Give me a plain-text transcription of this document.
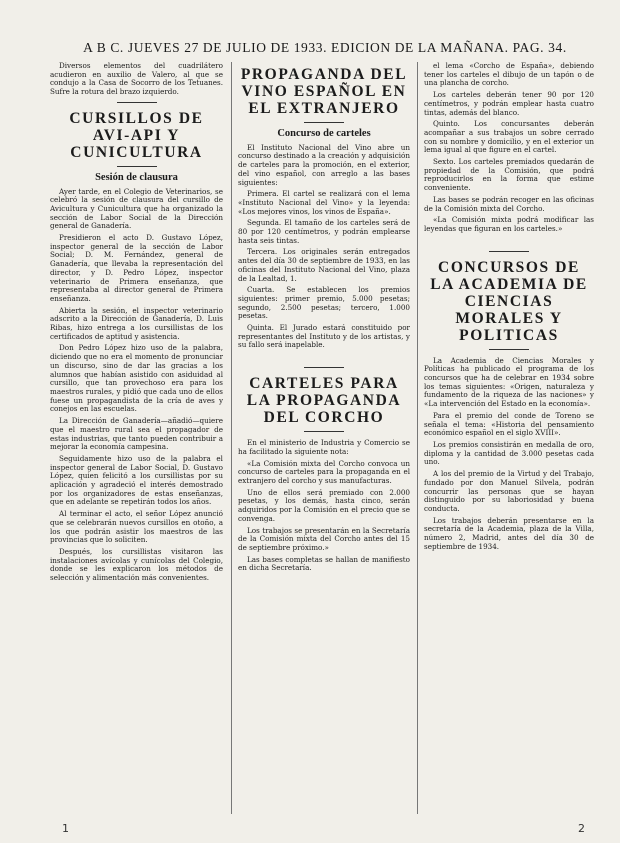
A B C. JUEVES 27 DE JULIO DE 1933. EDICION DE LA MAÑANA. PAG. 34.

Diversos elementos del cuadrilátero acudieron en auxilio de Valero, al que se condujo a la Casa de Socorro de los Tetuanes. Sufre la rotura del brazo izquierdo.

CURSILLOS DE AVI-API Y CUNICULTURA
Sesión de clausura

Ayer tarde, en el Colegio de Veterinarios, se celebró la sesión de clausura del cursillo de Avicultura y Cunicultura que ha organizado la sección de Labor Social de la Dirección general de Ganadería.

Presidieron el acto D. Gustavo López, inspector general de la sección de Labor Social; D. M. Fernández, general de Ganadería, que llevaba la representación del director, y D. Pedro López, inspector veterinario de Primera enseñanza, que representaba al director general de Primera enseñanza.

Abierta la sesión, el inspector veterinario adscrito a la Dirección de Ganadería, D. Luis Ribas, hizo entrega a los cursillistas de los certificados de aptitud y asistencia.

Don Pedro López hizo uso de la palabra, diciendo que no era el momento de pronunciar un discurso, sino de dar las gracias a los alumnos que habían asistido con asiduidad al cursillo, que tan provechoso era para los maestros rurales, y pidió que cada uno de ellos fuese un propagandista de la cría de aves y conejos en las escuelas.

La Dirección de Ganadería—añadió—quiere que el maestro rural sea el propagador de estas industrias, que tanto pueden contribuir a mejorar la economía campesina.

Seguidamente hizo uso de la palabra el inspector general de Labor Social, D. Gustavo López, quien felicitó a los cursillistas por su aplicación y agradeció el interés demostrado por los organizadores de estas enseñanzas, que en adelante se repetirán todos los años.

Al terminar el acto, el señor López anunció que se celebrarán nuevos cursillos en otoño, a los que podrán asistir los maestros de las provincias que lo soliciten.

Después, los cursillistas visitaron las instalaciones avícolas y cunícolas del Colegio, donde se les explicaron los métodos de selección y alimentación más convenientes.

PROPAGANDA DEL VINO ESPAÑOL EN EL EXTRANJERO
Concurso de carteles

El Instituto Nacional del Vino abre un concurso destinado a la creación y adquisición de carteles para la promoción, en el exterior, del vino español, con arreglo a las bases siguientes:

Primera. El cartel se realizará con el lema «Instituto Nacional del Vino» y la leyenda: «Los mejores vinos, los vinos de España».

Segunda. El tamaño de los carteles será de 80 por 120 centímetros, y podrán emplearse hasta seis tintas.

Tercera. Los originales serán entregados antes del día 30 de septiembre de 1933, en las oficinas del Instituto Nacional del Vino, plaza de la Lealtad, 1.

Cuarta. Se establecen los premios siguientes: primer premio, 5.000 pesetas; segundo, 2.500 pesetas; tercero, 1.000 pesetas.

Quinta. El Jurado estará constituido por representantes del Instituto y de los artistas, y su fallo será inapelable.

CARTELES PARA LA PROPAGANDA DEL CORCHO

En el ministerio de Industria y Comercio se ha facilitado la siguiente nota:

«La Comisión mixta del Corcho convoca un concurso de carteles para la propaganda en el extranjero del corcho y sus manufacturas.

Uno de ellos será premiado con 2.000 pesetas, y los demás, hasta cinco, serán adquiridos por la Comisión en el precio que se convenga.

Los trabajos se presentarán en la Secretaría de la Comisión mixta del Corcho antes del 15 de septiembre próximo.»

Las bases completas se hallan de manifiesto en dicha Secretaría.

el lema «Corcho de España», debiendo tener los carteles el dibujo de un tapón o de una plancha de corcho.

Los carteles deberán tener 90 por 120 centímetros, y podrán emplear hasta cuatro tintas, además del blanco.

Quinto. Los concursantes deberán acompañar a sus trabajos un sobre cerrado con su nombre y domicilio, y en el exterior un lema igual al que figure en el cartel.

Sexto. Los carteles premiados quedarán de propiedad de la Comisión, que podrá reproducirlos en la forma que estime conveniente.

Las bases se podrán recoger en las oficinas de la Comisión mixta del Corcho.

«La Comisión mixta podrá modificar las leyendas que figuran en los carteles.»

CONCURSOS DE LA ACADEMIA DE CIENCIAS MORALES Y POLITICAS

La Academia de Ciencias Morales y Políticas ha publicado el programa de los concursos que ha de celebrar en 1934 sobre los temas siguientes: «Origen, naturaleza y fundamento de la riqueza de las naciones» y «La intervención del Estado en la economía».

Para el premio del conde de Toreno se señala el tema: «Historia del pensamiento económico español en el siglo XVIII».

Los premios consistirán en medalla de oro, diploma y la cantidad de 3.000 pesetas cada uno.

A los del premio de la Virtud y del Trabajo, fundado por don Manuel Silvela, podrán concurrir las personas que se hayan distinguido por su laboriosidad y buena conducta.

Los trabajos deberán presentarse en la secretaría de la Academia, plaza de la Villa, número 2, Madrid, antes del día 30 de septiembre de 1934.

1	2
